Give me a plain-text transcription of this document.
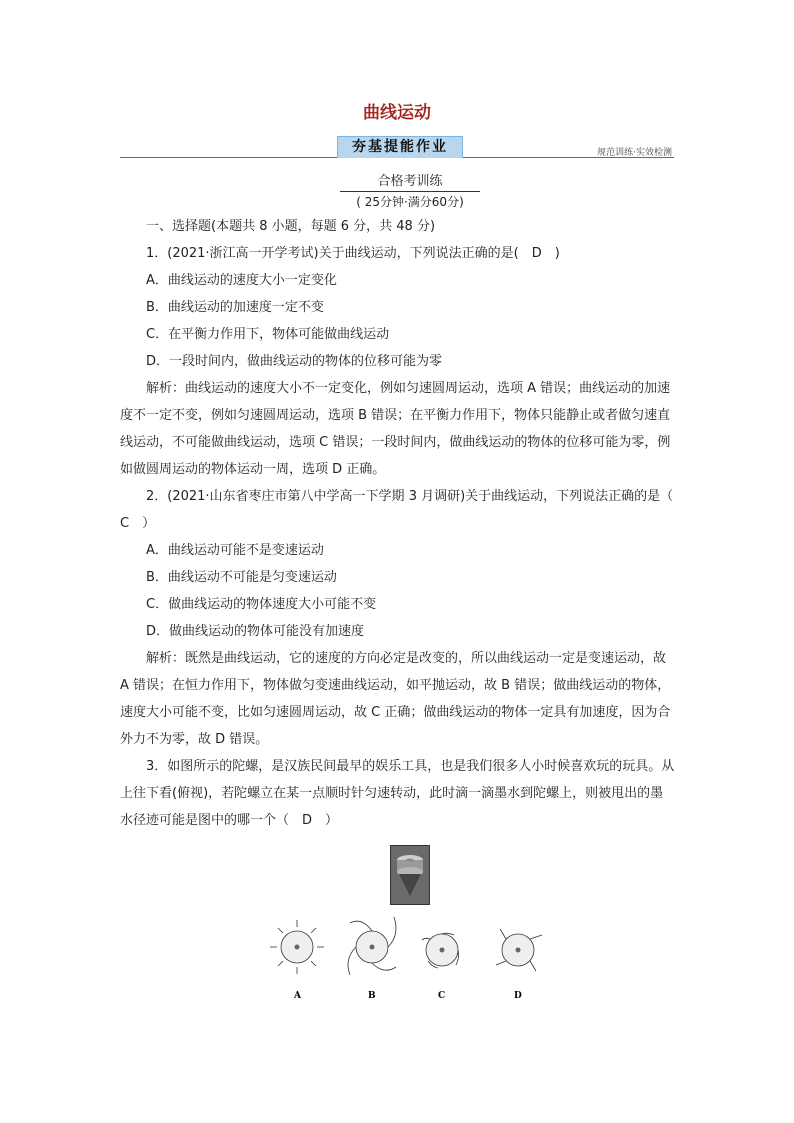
曲线运动
夯基提能作业	规范训练·实效检测
合格考训练
( 25分钟·满分60分)

一、选择题(本题共 8 小题，每题 6 分，共 48 分)

1．(2021·浙江高一开学考试)关于曲线运动，下列说法正确的是(　D　)

A．曲线运动的速度大小一定变化

B．曲线运动的加速度一定不变

C．在平衡力作用下，物体可能做曲线运动

D．一段时间内，做曲线运动的物体的位移可能为零

解析：曲线运动的速度大小不一定变化，例如匀速圆周运动，选项 A 错误；曲线运动的加速度不一定不变，例如匀速圆周运动，选项 B 错误；在平衡力作用下，物体只能静止或者做匀速直线运动，不可能做曲线运动，选项 C 错误；一段时间内，做曲线运动的物体的位移可能为零，例如做圆周运动的物体运动一周，选项 D 正确。

2．(2021·山东省枣庄市第八中学高一下学期 3 月调研)关于曲线运动，下列说法正确的是（　C　）

A．曲线运动可能不是变速运动

B．曲线运动不可能是匀变速运动

C．做曲线运动的物体速度大小可能不变

D．做曲线运动的物体可能没有加速度

解析：既然是曲线运动，它的速度的方向必定是改变的，所以曲线运动一定是变速运动，故 A 错误；在恒力作用下，物体做匀变速曲线运动，如平抛运动，故 B 错误；做曲线运动的物体，速度大小可能不变，比如匀速圆周运动，故 C 正确；做曲线运动的物体一定具有加速度，因为合外力不为零，故 D 错误。

3．如图所示的陀螺，是汉族民间最早的娱乐工具，也是我们很多人小时候喜欢玩的玩具。从上往下看(俯视)，若陀螺立在某一点顺时针匀速转动，此时滴一滴墨水到陀螺上，则被甩出的墨水径迹可能是图中的哪一个（　D　）

A	B	C	D
